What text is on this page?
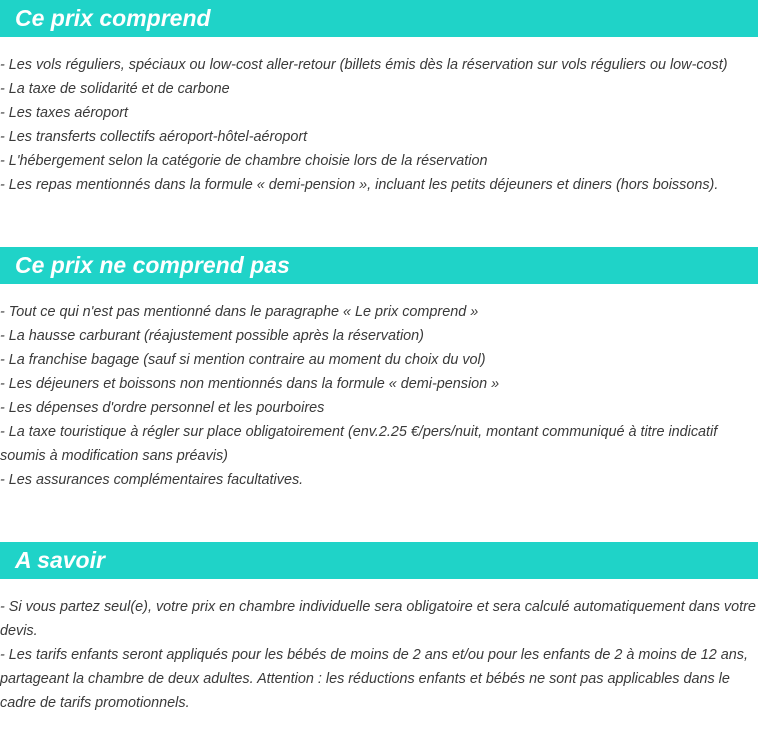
Ce prix comprend
- Les vols réguliers, spéciaux ou low-cost aller-retour (billets émis dès la réservation sur vols réguliers ou low-cost)
- La taxe de solidarité et de carbone
- Les taxes aéroport
- Les transferts collectifs aéroport-hôtel-aéroport
- L'hébergement selon la catégorie de chambre choisie lors de la réservation
- Les repas mentionnés dans la formule « demi-pension », incluant les petits déjeuners et diners (hors boissons).
Ce prix ne comprend pas
- Tout ce qui n'est pas mentionné dans le paragraphe « Le prix comprend »
- La hausse carburant (réajustement possible après la réservation)
- La franchise bagage (sauf si mention contraire au moment du choix du vol)
- Les déjeuners et boissons non mentionnés dans la formule « demi-pension »
- Les dépenses d'ordre personnel et les pourboires
- La taxe touristique à régler sur place obligatoirement (env.2.25 €/pers/nuit, montant communiqué à titre indicatif soumis à modification sans préavis)
- Les assurances complémentaires facultatives.
A savoir
- Si vous partez seul(e), votre prix en chambre individuelle sera obligatoire et sera calculé automatiquement dans votre devis.
- Les tarifs enfants seront appliqués pour les bébés de moins de 2 ans et/ou pour les enfants de 2 à moins de 12 ans, partageant la chambre de deux adultes. Attention : les réductions enfants et bébés ne sont pas applicables dans le cadre de tarifs promotionnels.
